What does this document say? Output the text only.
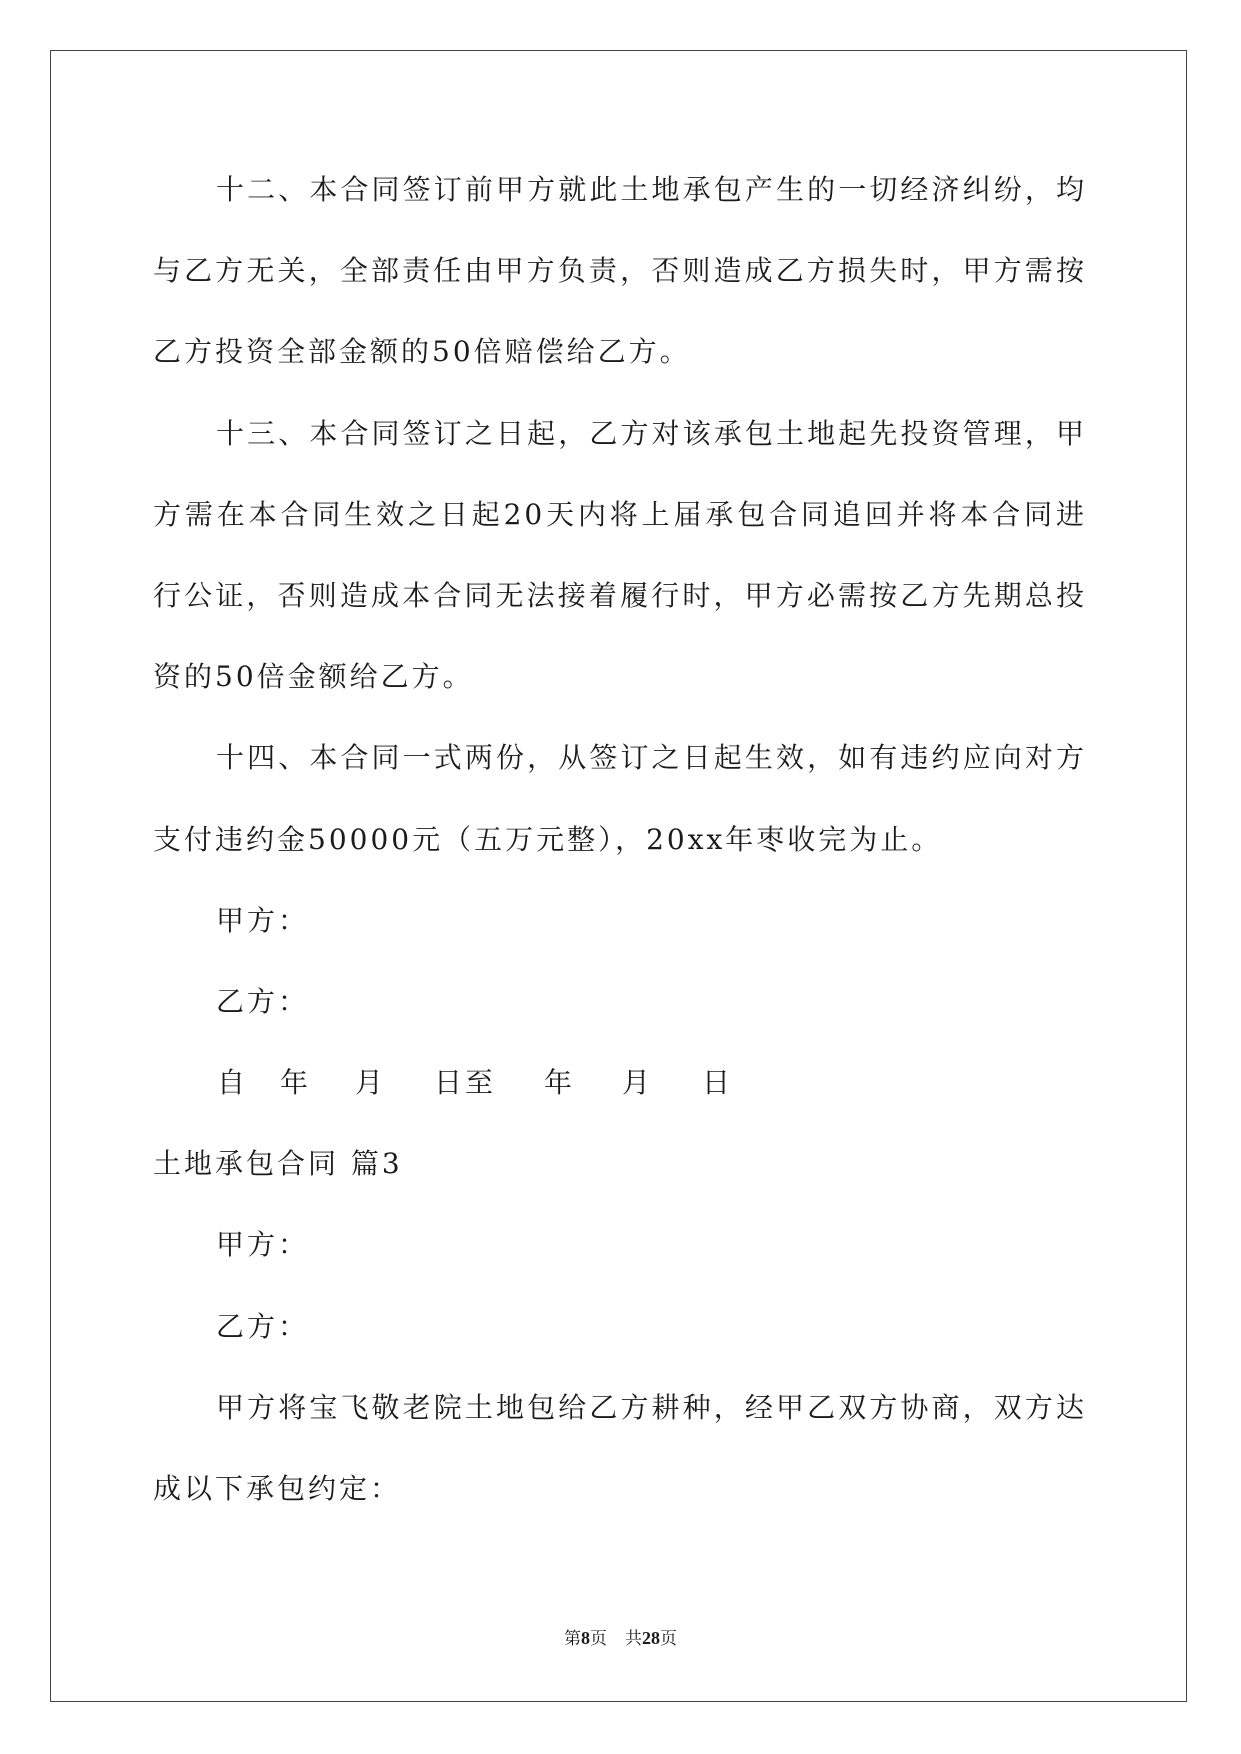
十二、本合同签订前甲方就此土地承包产生的一切经济纠纷，均
与乙方无关，全部责任由甲方负责，否则造成乙方损失时，甲方需按
乙方投资全部金额的50倍赔偿给乙方。
十三、本合同签订之日起，乙方对该承包土地起先投资管理，甲
方需在本合同生效之日起20天内将上届承包合同追回并将本合同进
行公证，否则造成本合同无法接着履行时，甲方必需按乙方先期总投
资的50倍金额给乙方。
十四、本合同一式两份，从签订之日起生效，如有违约应向对方
支付违约金50000元（五万元整），20xx年枣收完为止。
甲方：
乙方：
自 年 月 日至 年 月 日
土地承包合同 篇3
甲方：
乙方：
甲方将宝飞敬老院土地包给乙方耕种，经甲乙双方协商，双方达
成以下承包约定：
第8页 共28页
